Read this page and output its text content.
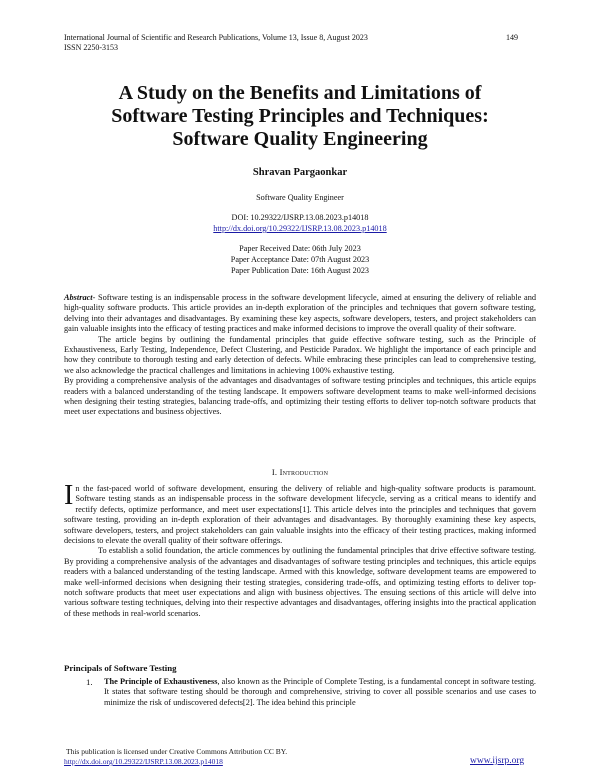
International Journal of Scientific and Research Publications, Volume 13, Issue 8, August 2023
ISSN 2250-3153
149
A Study on the Benefits and Limitations of
Software Testing Principles and Techniques:
Software Quality Engineering
Shravan Pargaonkar
Software Quality Engineer
DOI: 10.29322/IJSRP.13.08.2023.p14018
http://dx.doi.org/10.29322/IJSRP.13.08.2023.p14018
Paper Received Date: 06th July 2023
Paper Acceptance Date: 07th August 2023
Paper Publication Date: 16th August 2023

Abstract- Software testing is an indispensable process in the software development lifecycle, aimed at ensuring the delivery of reliable and high-quality software products. This article provides an in-depth exploration of the principles and techniques that govern software testing, delving into their advantages and disadvantages. By examining these key aspects, software developers, testers, and project stakeholders can gain valuable insights into the efficacy of testing practices and make informed decisions to improve the overall quality of their software.

The article begins by outlining the fundamental principles that guide effective software testing, such as the Principle of Exhaustiveness, Early Testing, Independence, Defect Clustering, and Pesticide Paradox. We highlight the importance of each principle and how they contribute to thorough testing and early detection of defects. While embracing these principles can lead to comprehensive testing, we also acknowledge the practical challenges and limitations in achieving 100% exhaustive testing.

By providing a comprehensive analysis of the advantages and disadvantages of software testing principles and techniques, this article equips readers with a balanced understanding of the testing landscape. It empowers software development teams to make well-informed decisions when designing their testing strategies, balancing trade-offs, and optimizing their testing efforts to deliver top-notch software products that meet user expectations and business objectives.

I. Introduction

In the fast-paced world of software development, ensuring the delivery of reliable and high-quality software products is paramount. Software testing stands as an indispensable process in the software development lifecycle, serving as a critical means to identify and rectify defects, optimize performance, and meet user expectations[1]. This article delves into the principles and techniques that govern software testing, providing an in-depth exploration of their advantages and disadvantages. By thoroughly examining these key aspects, software developers, testers, and project stakeholders can gain valuable insights into the efficacy of their testing practices, making informed decisions to elevate the overall quality of their software offerings.

To establish a solid foundation, the article commences by outlining the fundamental principles that drive effective software testing. By providing a comprehensive analysis of the advantages and disadvantages of software testing principles and techniques, this article equips readers with a balanced understanding of the testing landscape. Armed with this knowledge, software development teams are empowered to make well-informed decisions when designing their testing strategies, considering trade-offs, and optimizing testing efforts to deliver top-notch software products that meet user expectations and align with business objectives. The ensuing sections of this article will delve into various software testing techniques, delving into their respective advantages and disadvantages, offering insights into the practical application of these methods in real-world scenarios.

Principals of Software Testing
1. The Principle of Exhaustiveness, also known as the Principle of Complete Testing, is a fundamental concept in software testing. It states that software testing should be thorough and comprehensive, striving to cover all possible scenarios and use cases to minimize the risk of undiscovered defects[2]. The idea behind this principle
This publication is licensed under Creative Commons Attribution CC BY.
http://dx.doi.org/10.29322/IJSRP.13.08.2023.p14018	www.ijsrp.org
